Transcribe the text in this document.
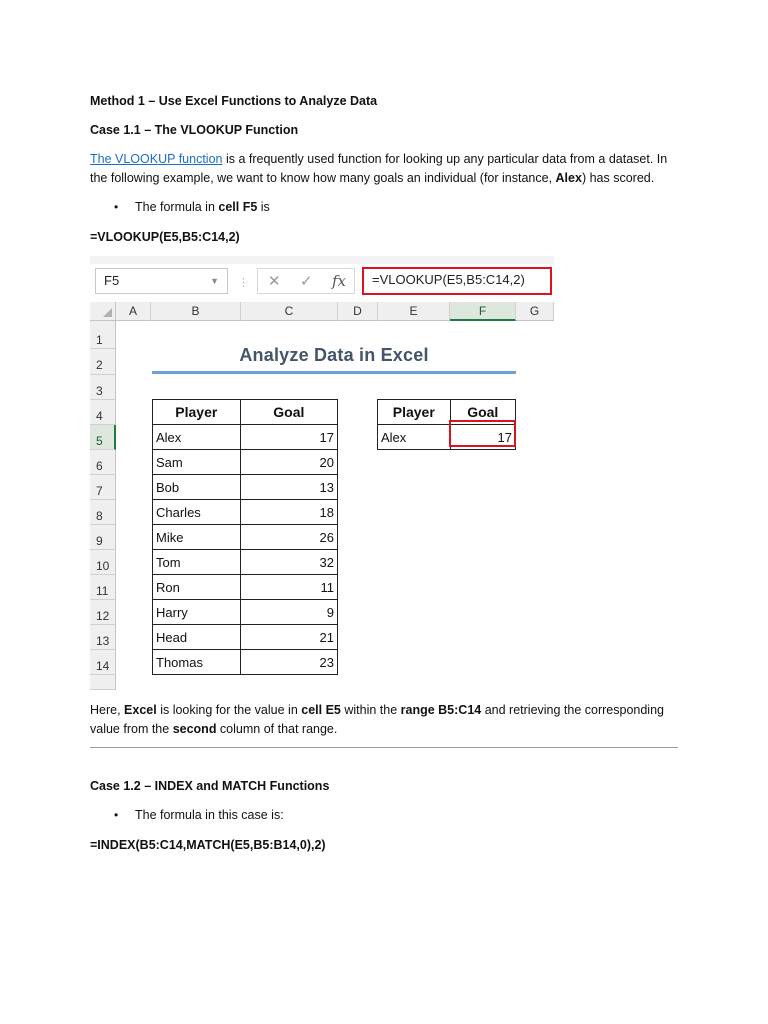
Method 1 – Use Excel Functions to Analyze Data

Case 1.1 – The VLOOKUP Function

The VLOOKUP function is a frequently used function for looking up any particular data from a dataset. In the following example, we want to know how many goals an individual (for instance, Alex) has scored.

• The formula in cell F5 is

=VLOOKUP(E5,B5:C14,2)

F5	▼ ⋮ ✕ ✓ fx	=VLOOKUP(E5,B5:C14,2)
A	B	C	D	E	F	G
1
2
3
4
5
6
7
8
9
10
11
12
13
14
Analyze Data in Excel
Player	Goal
Alex	17
Sam	20
Bob	13
Charles	18
Mike	26
Tom	32
Ron	11
Harry	9
Head	21
Thomas	23
Player	Goal
Alex	17

Here, Excel is looking for the value in cell E5 within the range B5:C14 and retrieving the corresponding value from the second column of that range.

Case 1.2 – INDEX and MATCH Functions

• The formula in this case is:

=INDEX(B5:C14,MATCH(E5,B5:B14,0),2)
